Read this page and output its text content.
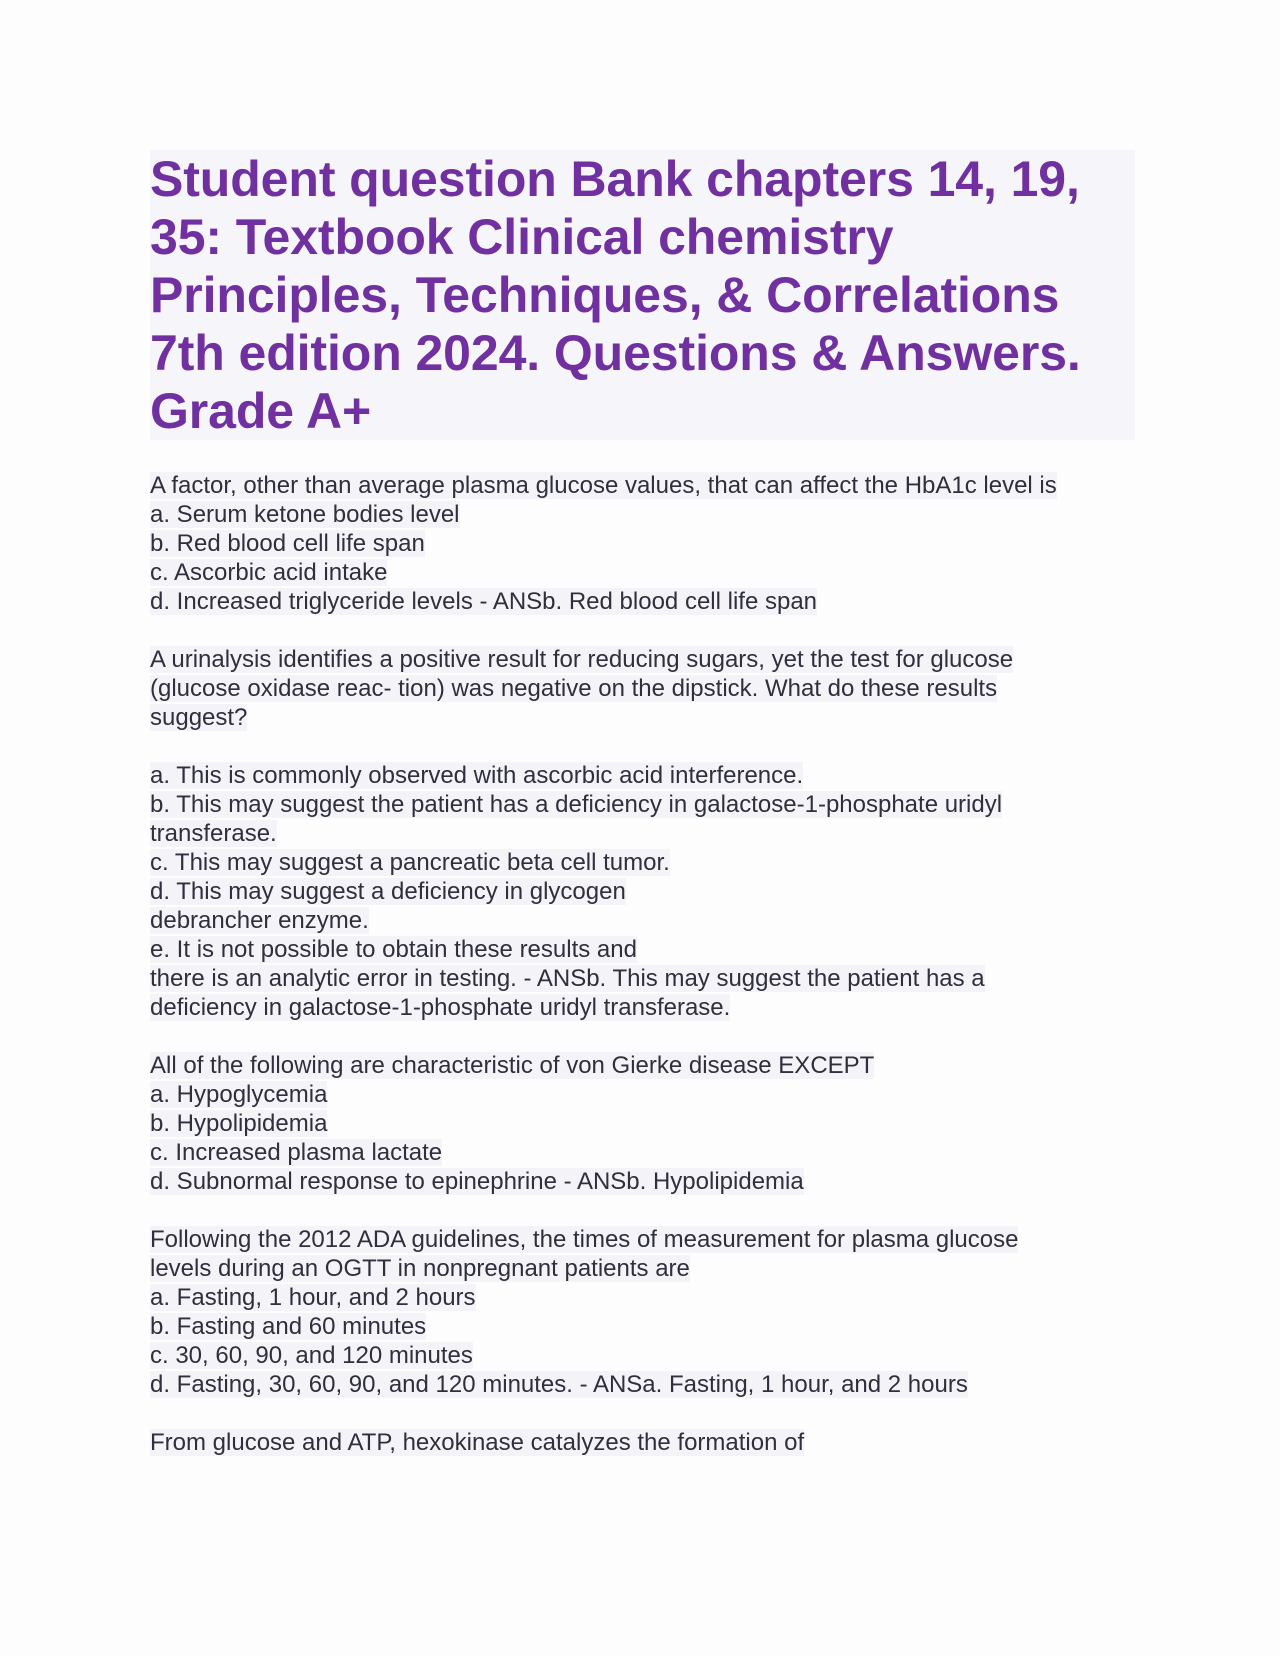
Student question Bank chapters 14, 19, 35: Textbook Clinical chemistry Principles, Techniques, & Correlations 7th edition 2024. Questions & Answers. Grade A+
A factor, other than average plasma glucose values, that can affect the HbA1c level is
a. Serum ketone bodies level
b. Red blood cell life span
c. Ascorbic acid intake
d. Increased triglyceride levels - ANSb. Red blood cell life span
A urinalysis identifies a positive result for reducing sugars, yet the test for glucose
(glucose oxidase reac- tion) was negative on the dipstick. What do these results
suggest?
a. This is commonly observed with ascorbic acid interference.
b. This may suggest the patient has a deficiency in galactose-1-phosphate uridyl
transferase.
c. This may suggest a pancreatic beta cell tumor.
d. This may suggest a deficiency in glycogen
debrancher enzyme.
e. It is not possible to obtain these results and
there is an analytic error in testing. - ANSb. This may suggest the patient has a
deficiency in galactose-1-phosphate uridyl transferase.
All of the following are characteristic of von Gierke disease EXCEPT
a. Hypoglycemia
b. Hypolipidemia
c. Increased plasma lactate
d. Subnormal response to epinephrine - ANSb. Hypolipidemia
Following the 2012 ADA guidelines, the times of measurement for plasma glucose
levels during an OGTT in nonpregnant patients are
a. Fasting, 1 hour, and 2 hours
b. Fasting and 60 minutes
c. 30, 60, 90, and 120 minutes
d. Fasting, 30, 60, 90, and 120 minutes. - ANSa. Fasting, 1 hour, and 2 hours
From glucose and ATP, hexokinase catalyzes the formation of
